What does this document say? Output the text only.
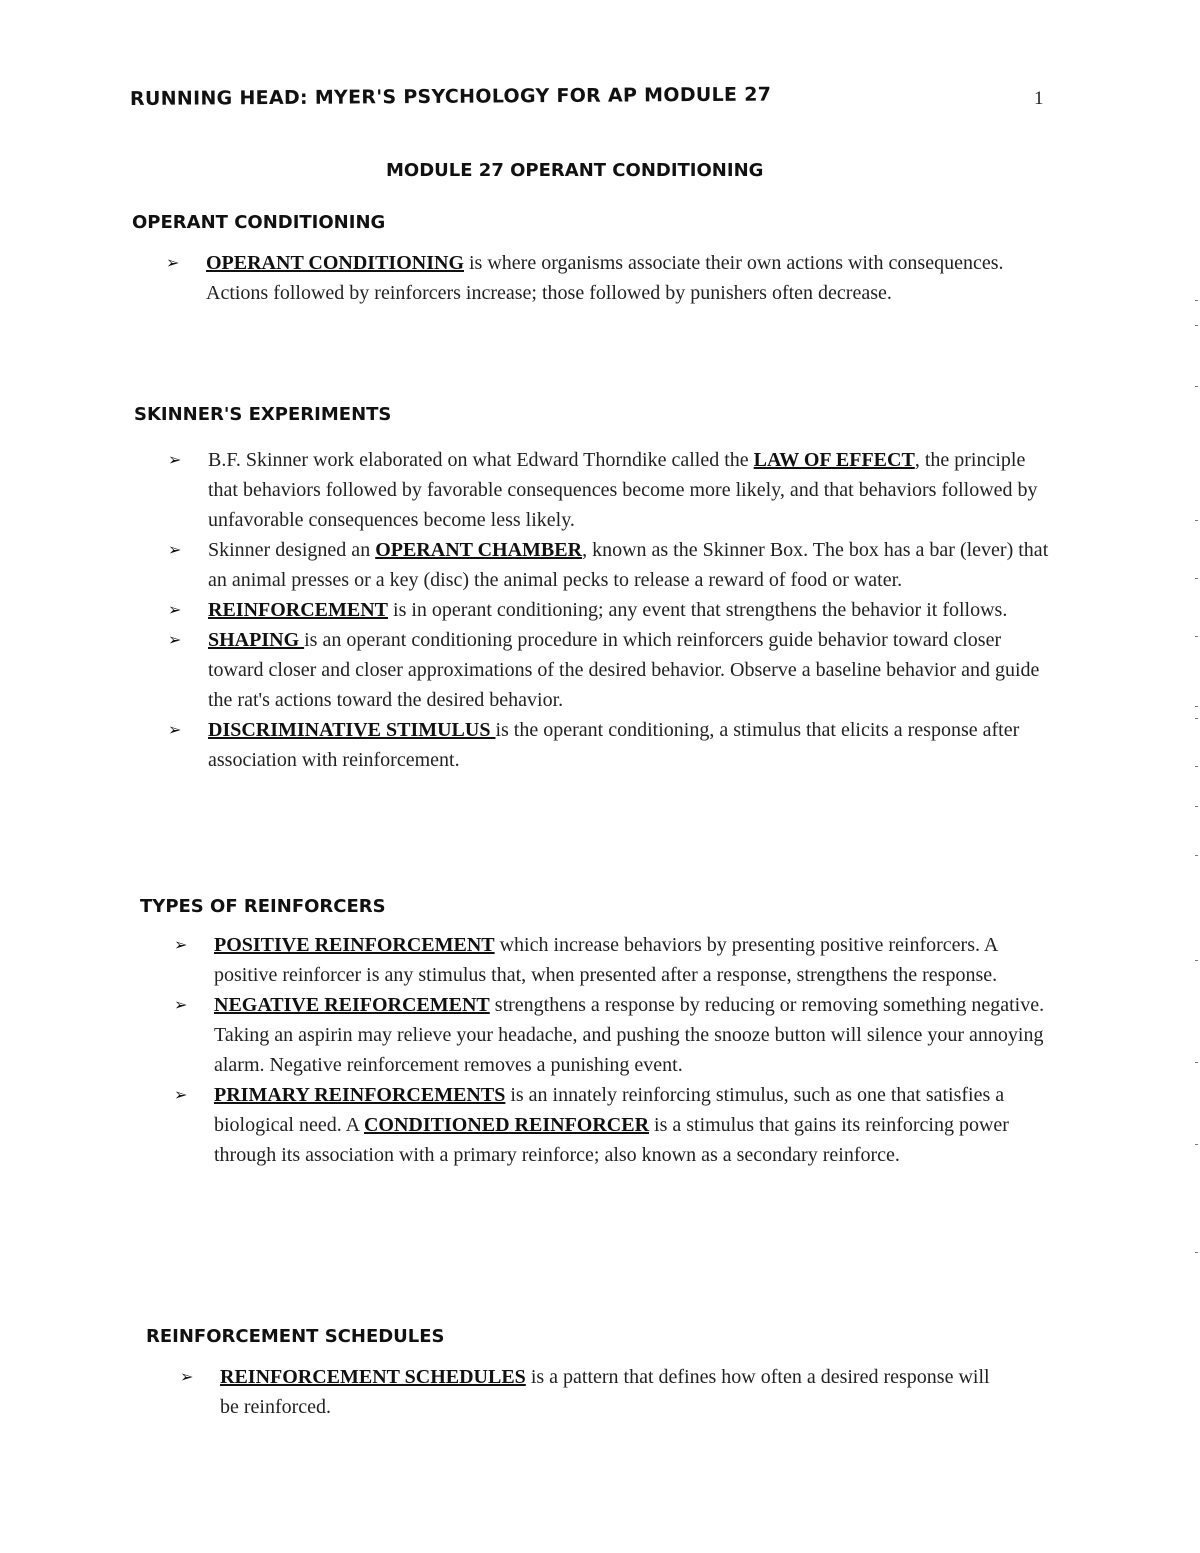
RUNNING HEAD: MYER'S PSYCHOLOGY FOR AP MODULE 27	1
MODULE 27 OPERANT CONDITIONING
OPERANT CONDITIONING
➢ OPERANT CONDITIONING is where organisms associate their own actions with consequences. Actions followed by reinforcers increase; those followed by punishers often decrease.
SKINNER'S EXPERIMENTS
➢ B.F. Skinner work elaborated on what Edward Thorndike called the LAW OF EFFECT, the principle that behaviors followed by favorable consequences become more likely, and that behaviors followed by unfavorable consequences become less likely.
➢ Skinner designed an OPERANT CHAMBER, known as the Skinner Box. The box has a bar (lever) that an animal presses or a key (disc) the animal pecks to release a reward of food or water.
➢ REINFORCEMENT is in operant conditioning; any event that strengthens the behavior it follows.
➢ SHAPING is an operant conditioning procedure in which reinforcers guide behavior toward closer toward closer and closer approximations of the desired behavior. Observe a baseline behavior and guide the rat's actions toward the desired behavior.
➢ DISCRIMINATIVE STIMULUS is the operant conditioning, a stimulus that elicits a response after association with reinforcement.
TYPES OF REINFORCERS
➢ POSITIVE REINFORCEMENT which increase behaviors by presenting positive reinforcers. A positive reinforcer is any stimulus that, when presented after a response, strengthens the response.
➢ NEGATIVE REIFORCEMENT strengthens a response by reducing or removing something negative. Taking an aspirin may relieve your headache, and pushing the snooze button will silence your annoying alarm. Negative reinforcement removes a punishing event.
➢ PRIMARY REINFORCEMENTS is an innately reinforcing stimulus, such as one that satisfies a biological need. A CONDITIONED REINFORCER is a stimulus that gains its reinforcing power through its association with a primary reinforce; also known as a secondary reinforce.
REINFORCEMENT SCHEDULES
➢ REINFORCEMENT SCHEDULES is a pattern that defines how often a desired response will be reinforced.
